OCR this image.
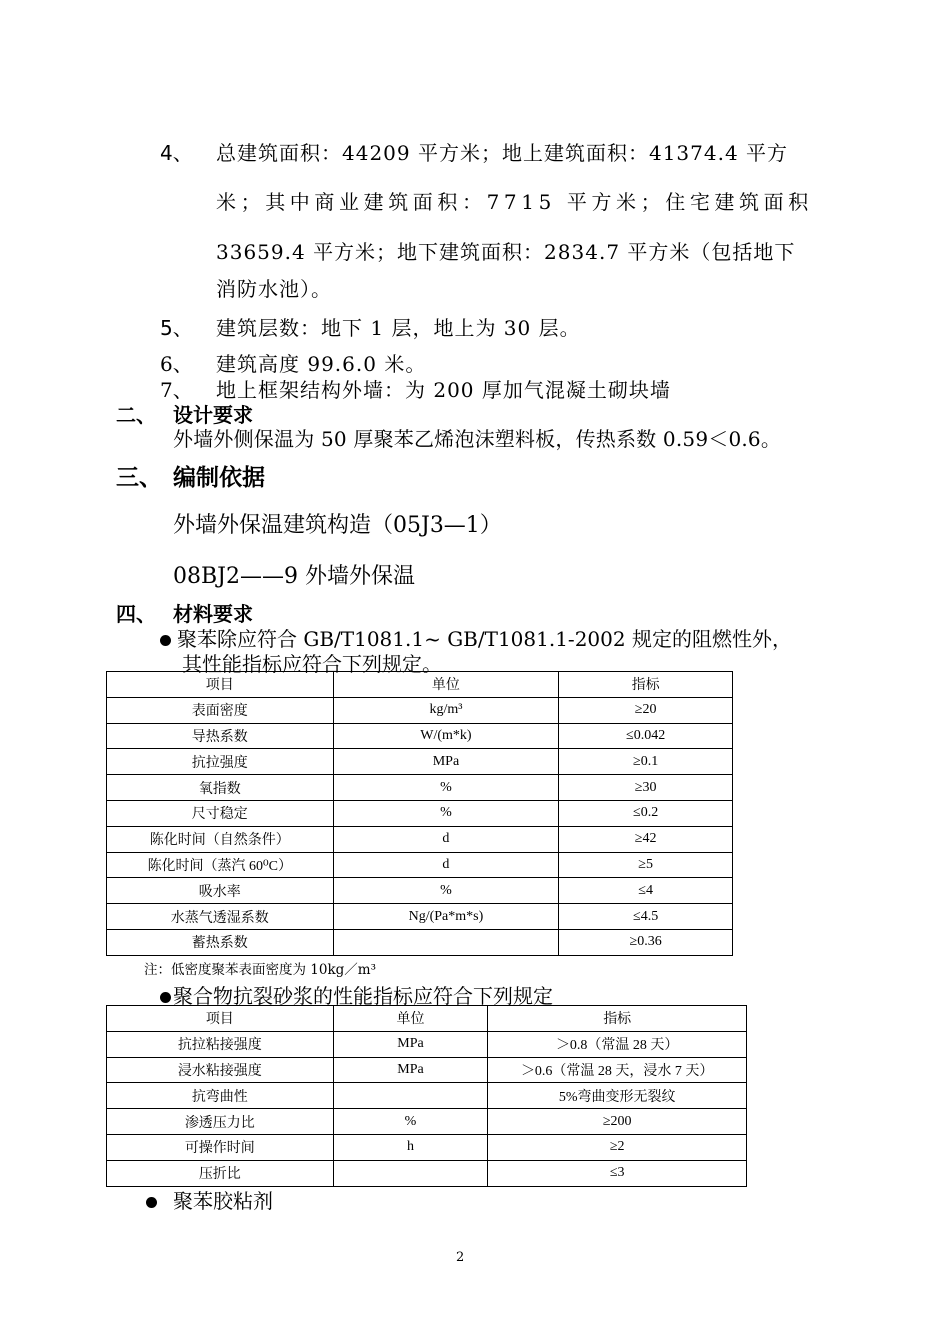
4、 总建筑面积：44209 平方米；地上建筑面积：41374.4 平方
米；其中商业建筑面积：7715 平方米；住宅建筑面积
33659.4 平方米；地下建筑面积：2834.7 平方米（包括地下
消防水池）。
5、 建筑层数：地下 1 层，地上为 30 层。
6、 建筑高度 99.6.0 米。
7、 地上框架结构外墙：为 200 厚加气混凝土砌块墙
二、 设计要求
外墙外侧保温为 50 厚聚苯乙烯泡沫塑料板，传热系数 0.59＜0.6。
三、 编制依据
外墙外保温建筑构造（05J3—1）
08BJ2——9 外墙外保温
四、 材料要求
聚苯除应符合 GB/T1081.1~ GB/T1081.1-2002 规定的阻燃性外，
其性能指标应符合下列规定。
项目	单位	指标
表面密度	kg/m³	≥20
导热系数	W/(m*k)	≤0.042
抗拉强度	MPa	≥0.1
氧指数	%	≥30
尺寸稳定	%	≤0.2
陈化时间（自然条件）	d	≥42
陈化时间（蒸汽 60⁰C）	d	≥5
吸水率	%	≤4
水蒸气透湿系数	Ng/(Pa*m*s)	≤4.5
蓄热系数		≥0.36
注：低密度聚苯表面密度为 10kg／m³
聚合物抗裂砂浆的性能指标应符合下列规定
项目	单位	指标
抗拉粘接强度	MPa	＞0.8（常温 28 天）
浸水粘接强度	MPa	＞0.6（常温 28 天，浸水 7 天）
抗弯曲性		5%弯曲变形无裂纹
渗透压力比	%	≥200
可操作时间	h	≥2
压折比		≤3
聚苯胶粘剂
2
